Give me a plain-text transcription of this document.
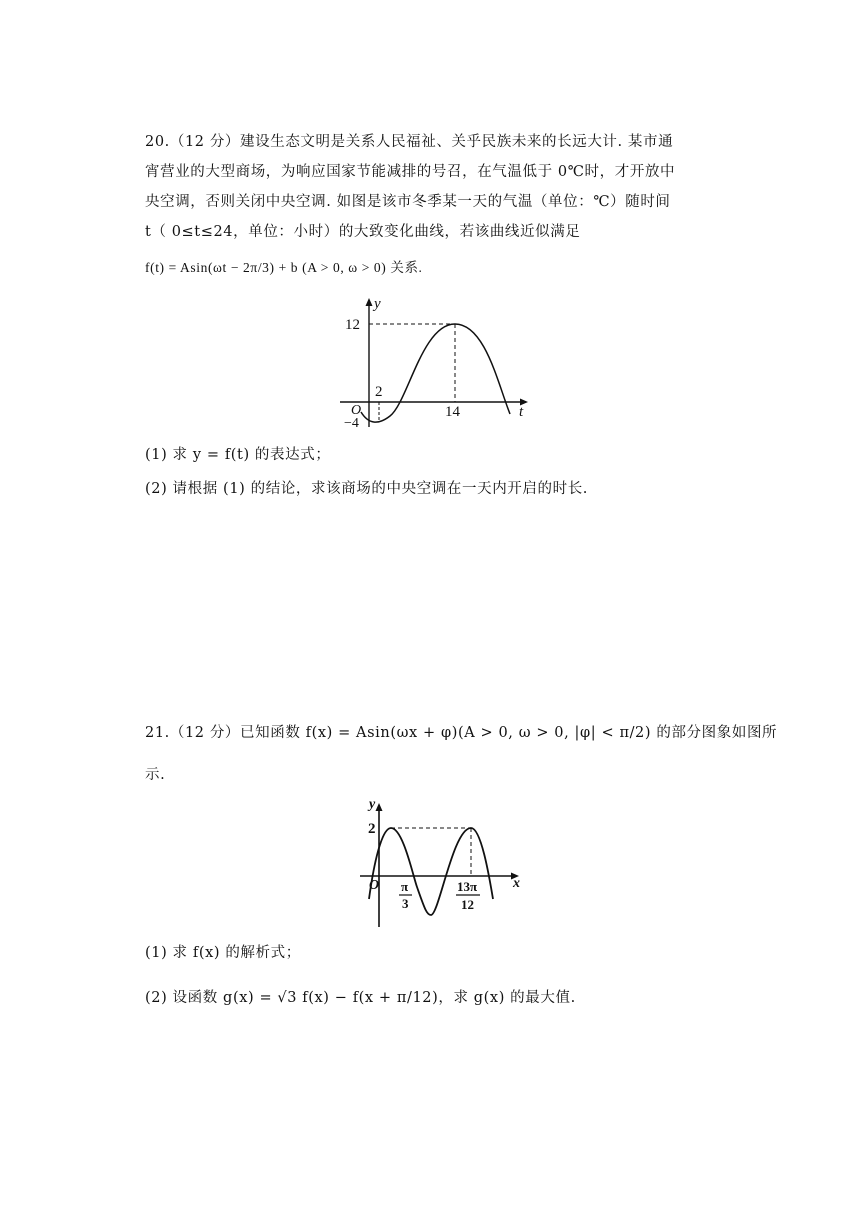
20.（12 分）建设生态文明是关系人民福祉、关乎民族未来的长远大计. 某市通
宵营业的大型商场，为响应国家节能减排的号召，在气温低于 0℃时，才开放中
央空调，否则关闭中央空调. 如图是该市冬季某一天的气温（单位：℃）随时间
t（ 0≤t≤24，单位：小时）的大致变化曲线，若该曲线近似满足
f(t) = Asin(ωt − 2π/3) + b (A > 0, ω > 0) 关系.
y
t
O
12
−4
2
14
(1) 求 y = f(t) 的表达式；
(2) 请根据 (1) 的结论，求该商场的中央空调在一天内开启的时长.
21.（12 分）已知函数 f(x) = Asin(ωx + φ)(A > 0, ω > 0, |φ| < π/2) 的部分图象如图所
示.
y
x
O
2
π
3
13π
12
(1) 求 f(x) 的解析式；
(2) 设函数 g(x) = √3 f(x) − f(x + π/12)，求 g(x) 的最大值.
